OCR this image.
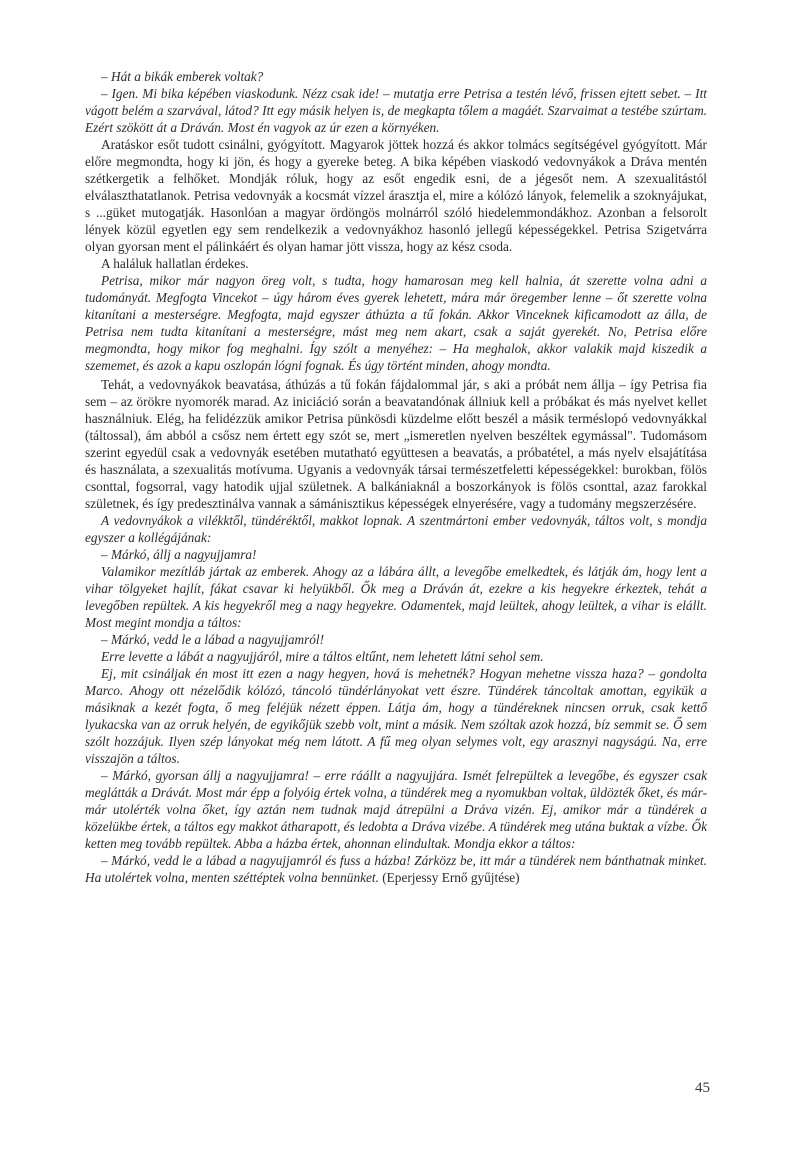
– Hát a bikák emberek voltak?

– Igen. Mi bika képében viaskodunk. Nézz csak ide! – mutatja erre Petrisa a testén lévő, frissen ejtett sebet. – Itt vágott belém a szarvával, látod? Itt egy másik helyen is, de megkapta tőlem a magáét. Szarvaimat a testébe szúrtam. Ezért szökött át a Dráván. Most én vagyok az úr ezen a környéken.

Aratáskor esőt tudott csinálni, gyógyított. Magyarok jöttek hozzá és akkor tolmács segítségével gyógyított. Már előre megmondta, hogy ki jön, és hogy a gyereke beteg. A bika képében viaskodó vedovnyákok a Dráva mentén szétkergetik a felhőket. Mondják róluk, hogy az esőt engedik esni, de a jégesőt nem. A szexualitástól elválaszthatatlanok. Petrisa vedovnyák a kocsmát vízzel árasztja el, mire a kólózó lányok, felemelik a szoknyájukat, s ...güket mutogatják. Hasonlóan a magyar ördöngös molnárról szóló hiedelemmondákhoz. Azonban a felsorolt lények közül egyetlen egy sem rendelkezik a vedovnyákhoz hasonló jellegű képességekkel. Petrisa Szigetvárra olyan gyorsan ment el pálinkáért és olyan hamar jött vissza, hogy az kész csoda.

A haláluk hallatlan érdekes.

Petrisa, mikor már nagyon öreg volt, s tudta, hogy hamarosan meg kell halnia, át szerette volna adni a tudományát. Megfogta Vincekot – úgy három éves gyerek lehetett, mára már öregember lenne – őt szerette volna kitanítani a mesterségre. Megfogta, majd egyszer áthúzta a tű fokán. Akkor Vinceknek kificamodott az álla, de Petrisa nem tudta kitanítani a mesterségre, mást meg nem akart, csak a saját gyerekét. No, Petrisa előre megmondta, hogy mikor fog meghalni. Így szólt a menyéhez: – Ha meghalok, akkor valakik majd kiszedik a szememet, és azok a kapu oszlopán lógni fognak. És úgy történt minden, ahogy mondta.

Tehát, a vedovnyákok beavatása, áthúzás a tű fokán fájdalommal jár, s aki a próbát nem állja – így Petrisa fia sem – az örökre nyomorék marad. Az iniciáció során a beavatandónak állniuk kell a próbákat és más nyelvet kellet használniuk. Elég, ha felidézzük amikor Petrisa pünkösdi küzdelme előtt beszél a másik terméslopó vedovnyákkal (táltossal), ám abból a csősz nem értett egy szót se, mert „ismeretlen nyelven beszéltek egymással". Tudomásom szerint egyedül csak a vedovnyák esetében mutatható együttesen a beavatás, a próbatétel, a más nyelv elsajátítása és használata, a szexualitás motívuma. Ugyanis a vedovnyák társai természetfeletti képességekkel: burokban, fölös csonttal, fogsorral, vagy hatodik ujjal születnek. A balkániaknál a boszorkányok is fölös csonttal, azaz farokkal születnek, és így predesztinálva vannak a sámánisztikus képességek elnyerésére, vagy a tudomány megszerzésére.

A vedovnyákok a vilékktől, tündéréktől, makkot lopnak. A szentmártoni ember vedovnyák, táltos volt, s mondja egyszer a kollégájának:

– Márkó, állj a nagyujjamra!

Valamikor mezítláb jártak az emberek. Ahogy az a lábára állt, a levegőbe emelkedtek, és látják ám, hogy lent a vihar tölgyeket hajlít, fákat csavar ki helyükből. Ők meg a Dráván át, ezekre a kis hegyekre érkeztek, tehát a levegőben repültek. A kis hegyekről meg a nagy hegyekre. Odamentek, majd leültek, ahogy leültek, a vihar is elállt. Most megint mondja a táltos:

– Márkó, vedd le a lábad a nagyujjamról!

Erre levette a lábát a nagyujjáról, mire a táltos eltűnt, nem lehetett látni sehol sem.

Ej, mit csináljak én most itt ezen a nagy hegyen, hová is mehetnék? Hogyan mehetne vissza haza? – gondolta Marco. Ahogy ott nézelődik kólózó, táncoló tündérlányokat vett észre. Tündérek táncoltak amottan, egyikük a másiknak a kezét fogta, ő meg feléjük nézett éppen. Látja ám, hogy a tündéreknek nincsen orruk, csak kettő lyukacska van az orruk helyén, de egyikőjük szebb volt, mint a másik. Nem szóltak azok hozzá, bíz semmit se. Ő sem szólt hozzájuk. Ilyen szép lányokat még nem látott. A fű meg olyan selymes volt, egy arasznyi nagyságú. Na, erre visszajön a táltos.

– Márkó, gyorsan állj a nagyujjamra! – erre ráállt a nagyujjára. Ismét felrepültek a levegőbe, és egyszer csak meglátták a Drávát. Most már épp a folyóig értek volna, a tündérek meg a nyomukban voltak, üldözték őket, és már-már utolérték volna őket, így aztán nem tudnak majd átrepülni a Dráva vizén. Ej, amikor már a tündérek a közelükbe értek, a táltos egy makkot átharapott, és ledobta a Dráva vizébe. A tündérek meg utána buktak a vízbe. Ők ketten meg tovább repültek. Abba a házba értek, ahonnan elindultak. Mondja ekkor a táltos:

– Márkó, vedd le a lábad a nagyujjamról és fuss a házba! Zárközz be, itt már a tündérek nem bánthatnak minket. Ha utolértek volna, menten széttéptek volna bennünket. (Eperjessy Ernő gyűjtése)

45
